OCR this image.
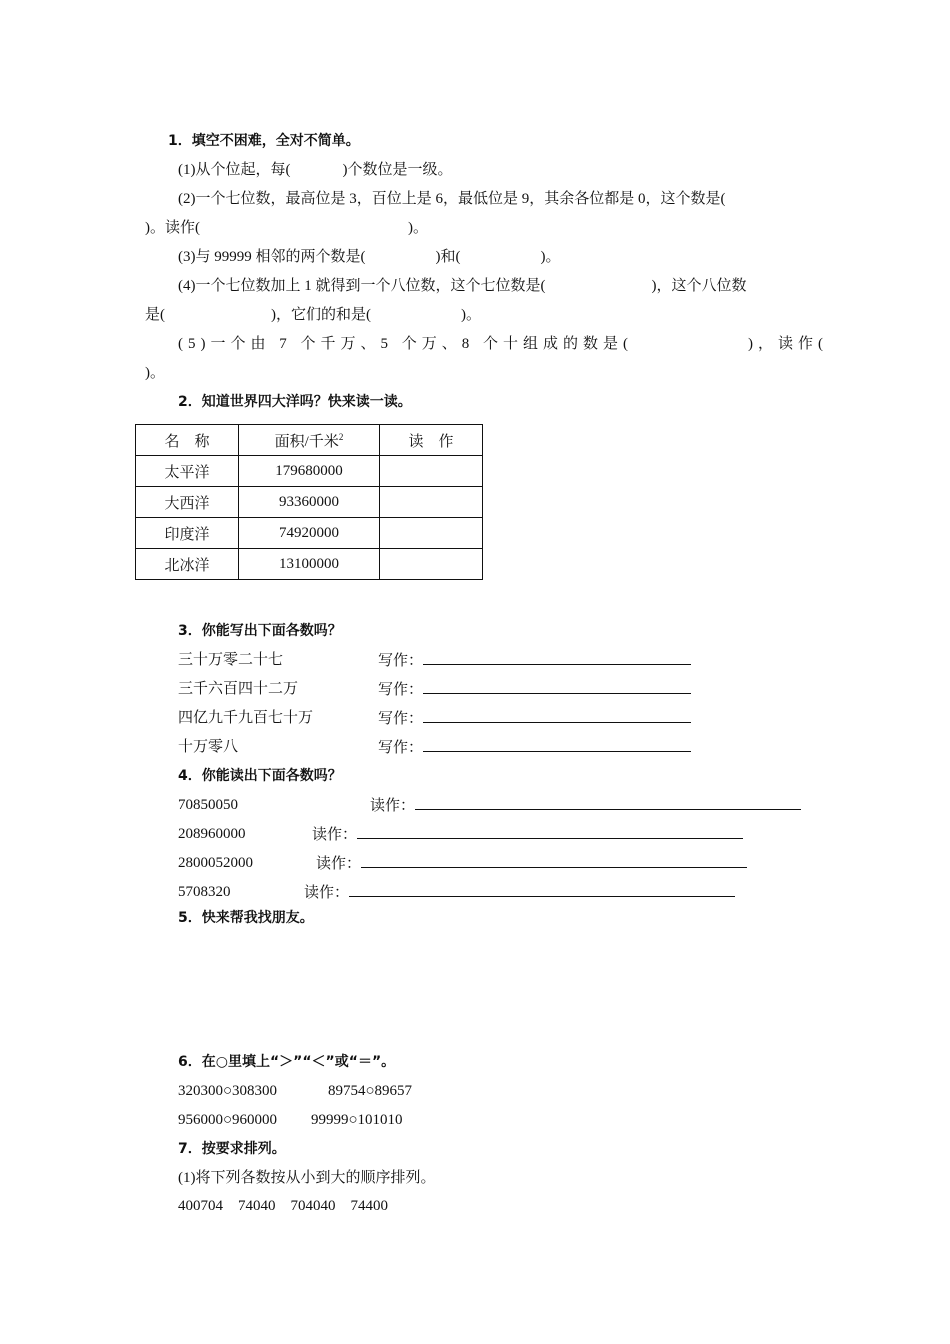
1．填空不困难，全对不简单。
(1)从个位起，每(	)个数位是一级。
(2)一个七位数，最高位是 3，百位上是 6，最低位是 9，其余各位都是 0，这个数是(
)。读作(	)。
(3)与 99999 相邻的两个数是(	)和(	)。
(4)一个七位数加上 1 就得到一个八位数，这个七位数是(	)，这个八位数
是(	)，它们的和是(	)。
(5)一个由 7 个千万、5 个万、8 个十组成的数是(	)，读作(
)。
2．知道世界四大洋吗？快来读一读。
名　称	面积/千米$^2$	读　作
太平洋	179680000	
大西洋	93360000	
印度洋	74920000	
北冰洋	13100000	
3．你能写出下面各数吗？
三十万零二十七	写作：
三千六百四十二万	写作：
四亿九千九百七十万	写作：
十万零八	写作：
4．你能读出下面各数吗？
70850050	读作：
208960000	读作：
2800052000	读作：
5708320	读作：
5．快来帮我找朋友。
6．在○里填上“＞”“＜”或“＝”。
320300○308300	89754○89657
956000○960000 99999○101010
7．按要求排列。
(1)将下列各数按从小到大的顺序排列。
400704　74040　704040　74400
